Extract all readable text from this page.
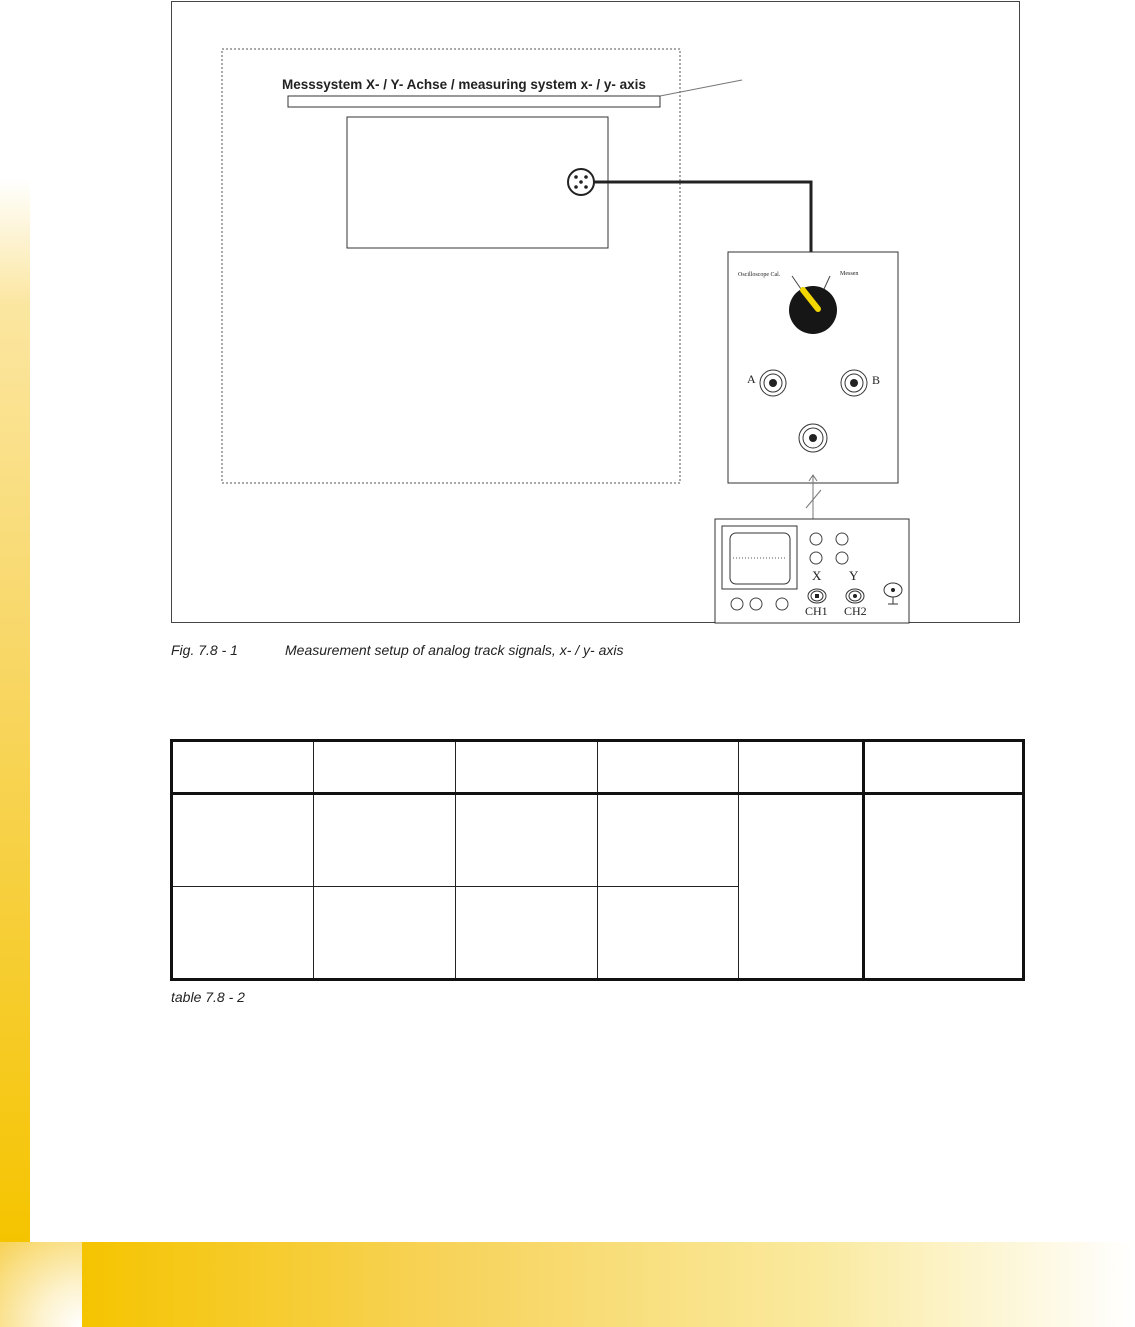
Oscilloscope Cal.	Messen
A	B
X Y
CH1 CH2
Messsystem X- / Y- Achse / measuring system x- / y- axis
Fig. 7.8 - 1	Measurement setup of analog track signals, x- / y- axis

table 7.8 - 2
